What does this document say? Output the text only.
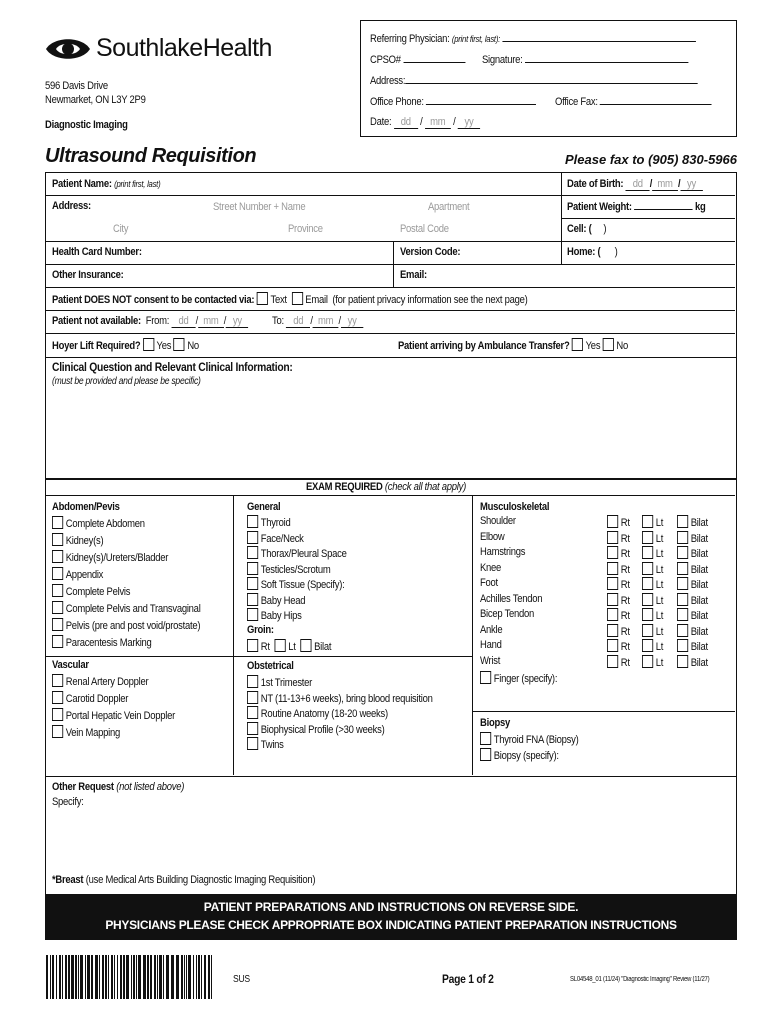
SouthlakeHealth
596 Davis Drive
Newmarket, ON L3Y 2P9
Diagnostic Imaging
Referring Physician: (print first, last):
CPSO#	Signature:
Address:
Office Phone:	Office Fax:
Date: dd / mm / yy
Ultrasound Requisition	Please fax to (905) 830-5966
Patient Name: (print first, last)	Date of Birth: dd / mm / yy
Address:	Street Number + Name	Apartment
City	Province	Postal Code
Patient Weight:	kg
Cell: ( )
Health Card Number:	Version Code:	Home: ( )
Other Insurance:	Email:
Patient DOES NOT consent to be contacted via: Text Email (for patient privacy information see the next page)
Patient not available: From: dd / mm / yy	To: dd / mm / yy
Hoyer Lift Required? Yes No	Patient arriving by Ambulance Transfer? Yes No
Clinical Question and Relevant Clinical Information:
(must be provided and please be specific)
EXAM REQUIRED (check all that apply)
Abdomen/Pevis
Complete Abdomen
Kidney(s)
Kidney(s)/Ureters/Bladder
Appendix
Complete Pelvis
Complete Pelvis and Transvaginal
Pelvis (pre and post void/prostate)
Paracentesis Marking
Vascular
Renal Artery Doppler
Carotid Doppler
Portal Hepatic Vein Doppler
Vein Mapping
General
Thyroid
Face/Neck
Thorax/Pleural Space
Testicles/Scrotum
Soft Tissue (Specify):
Baby Head
Baby Hips
Groin:
Rt Lt Bilat
Obstetrical
1st Trimester
NT (11-13+6 weeks), bring blood requisition
Routine Anatomy (18-20 weeks)
Biophysical Profile (>30 weeks)
Twins
Musculoskeletal
Shoulder	Rt	Lt	Bilat
Elbow	Rt	Lt	Bilat
Hamstrings	Rt	Lt	Bilat
Knee	Rt	Lt	Bilat
Foot	Rt	Lt	Bilat
Achilles Tendon	Rt	Lt	Bilat
Bicep Tendon	Rt	Lt	Bilat
Ankle	Rt	Lt	Bilat
Hand	Rt	Lt	Bilat
Wrist	Rt	Lt	Bilat
Finger (specify):
Biopsy
Thyroid FNA (Biopsy)
Biopsy (specify):
Other Request (not listed above)
Specify:
*Breast (use Medical Arts Building Diagnostic Imaging Requisition)
PATIENT PREPARATIONS AND INSTRUCTIONS ON REVERSE SIDE.
PHYSICIANS PLEASE CHECK APPROPRIATE BOX INDICATING PATIENT PREPARATION INSTRUCTIONS
SUS	Page 1 of 2	SL04548_01 (11/24) "Diagnostic Imaging" Review (11/27)
